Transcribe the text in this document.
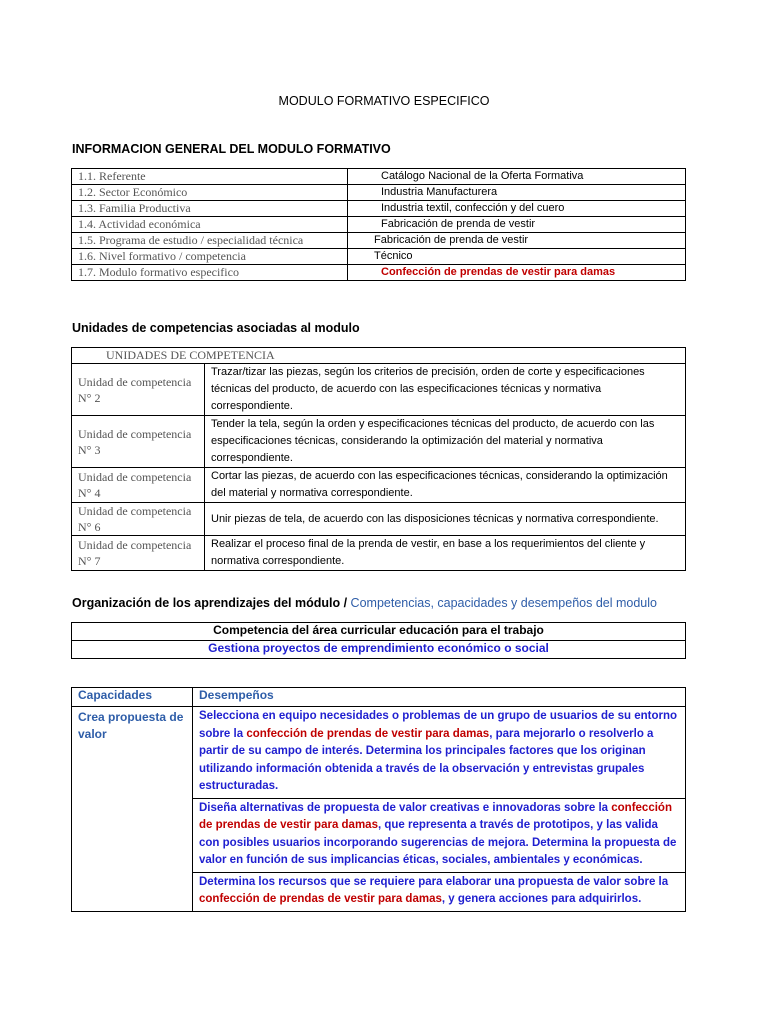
MODULO FORMATIVO ESPECIFICO
INFORMACION GENERAL DEL MODULO FORMATIVO
1.1. Referente	Catálogo Nacional de la Oferta Formativa
1.2. Sector Económico	Industria Manufacturera
1.3. Familia Productiva	Industria textil, confección y del cuero
1.4. Actividad económica	Fabricación de prenda de vestir
1.5. Programa de estudio / especialidad técnica	Fabricación de prenda de vestir
1.6. Nivel formativo / competencia	Técnico
1.7. Modulo formativo especifico	Confección de prendas de vestir para damas
Unidades de competencias asociadas al modulo
UNIDADES DE COMPETENCIA	
Unidad de competencia N° 2	Trazar/tizar las piezas, según los criterios de precisión, orden de corte y especificaciones técnicas del producto, de acuerdo con las especificaciones técnicas y normativa correspondiente.
Unidad de competencia N° 3	Tender la tela, según la orden y especificaciones técnicas del producto, de acuerdo con las especificaciones técnicas, considerando la optimización del material y normativa correspondiente.
Unidad de competencia N° 4	Cortar las piezas, de acuerdo con las especificaciones técnicas, considerando la optimización del material y normativa correspondiente.
Unidad de competencia N° 6	Unir piezas de tela, de acuerdo con las disposiciones técnicas y normativa correspondiente.
Unidad de competencia N° 7	Realizar el proceso final de la prenda de vestir, en base a los requerimientos del cliente y normativa correspondiente.
Organización de los aprendizajes del módulo / Competencias, capacidades y desempeños del modulo
Competencia del área curricular educación para el trabajo
Gestiona proyectos de emprendimiento económico o social
Capacidades	Desempeños
Crea propuesta de valor	Selecciona en equipo necesidades o problemas de un grupo de usuarios de su entorno sobre la confección de prendas de vestir para damas, para mejorarlo o resolverlo a partir de su campo de interés. Determina los principales factores que los originan utilizando información obtenida a través de la observación y entrevistas grupales estructuradas.
	Diseña alternativas de propuesta de valor creativas e innovadoras sobre la confección de prendas de vestir para damas, que representa a través de prototipos, y las valida con posibles usuarios incorporando sugerencias de mejora. Determina la propuesta de valor en función de sus implicancias éticas, sociales, ambientales y económicas.
	Determina los recursos que se requiere para elaborar una propuesta de valor sobre la confección de prendas de vestir para damas, y genera acciones para adquirirlos.
